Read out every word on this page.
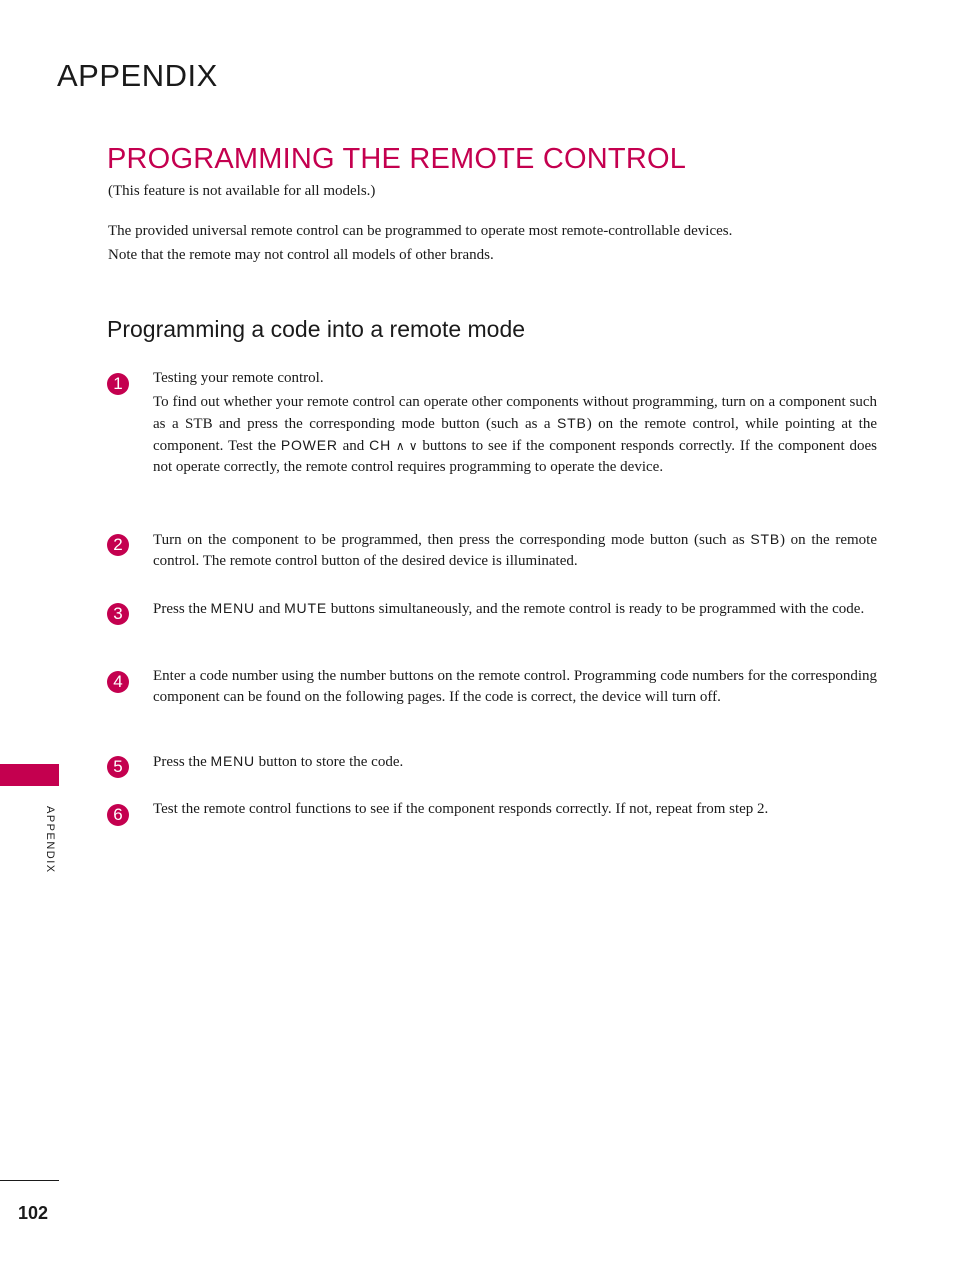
APPENDIX
PROGRAMMING THE REMOTE CONTROL
(This feature is not available for all models.)

The provided universal remote control can be programmed to operate most remote-controllable devices.

Note that the remote may not control all models of other brands.

Programming a code into a remote mode
1	Testing your remote control.

To find out whether your remote control can operate other components without programming, turn on a component such as a STB and press the corresponding mode button (such as a STB) on the remote control, while pointing at the component. Test the POWER and CH ∧ ∨ buttons to see if the component responds correctly. If the component does not operate correctly, the remote control requires programming to operate the device.

2	Turn on the component to be programmed, then press the corresponding mode button (such as STB) on the remote control. The remote control button of the desired device is illuminated.

3	Press the MENU and MUTE buttons simultaneously, and the remote control is ready to be programmed with the code.

4	Enter a code number using the number buttons on the remote control. Programming code numbers for the corresponding component can be found on the following pages. If the code is correct, the device will turn off.

5	Press the MENU button to store the code.

6	Test the remote control functions to see if the component responds correctly. If not, repeat from step 2.

APPENDIX
102
